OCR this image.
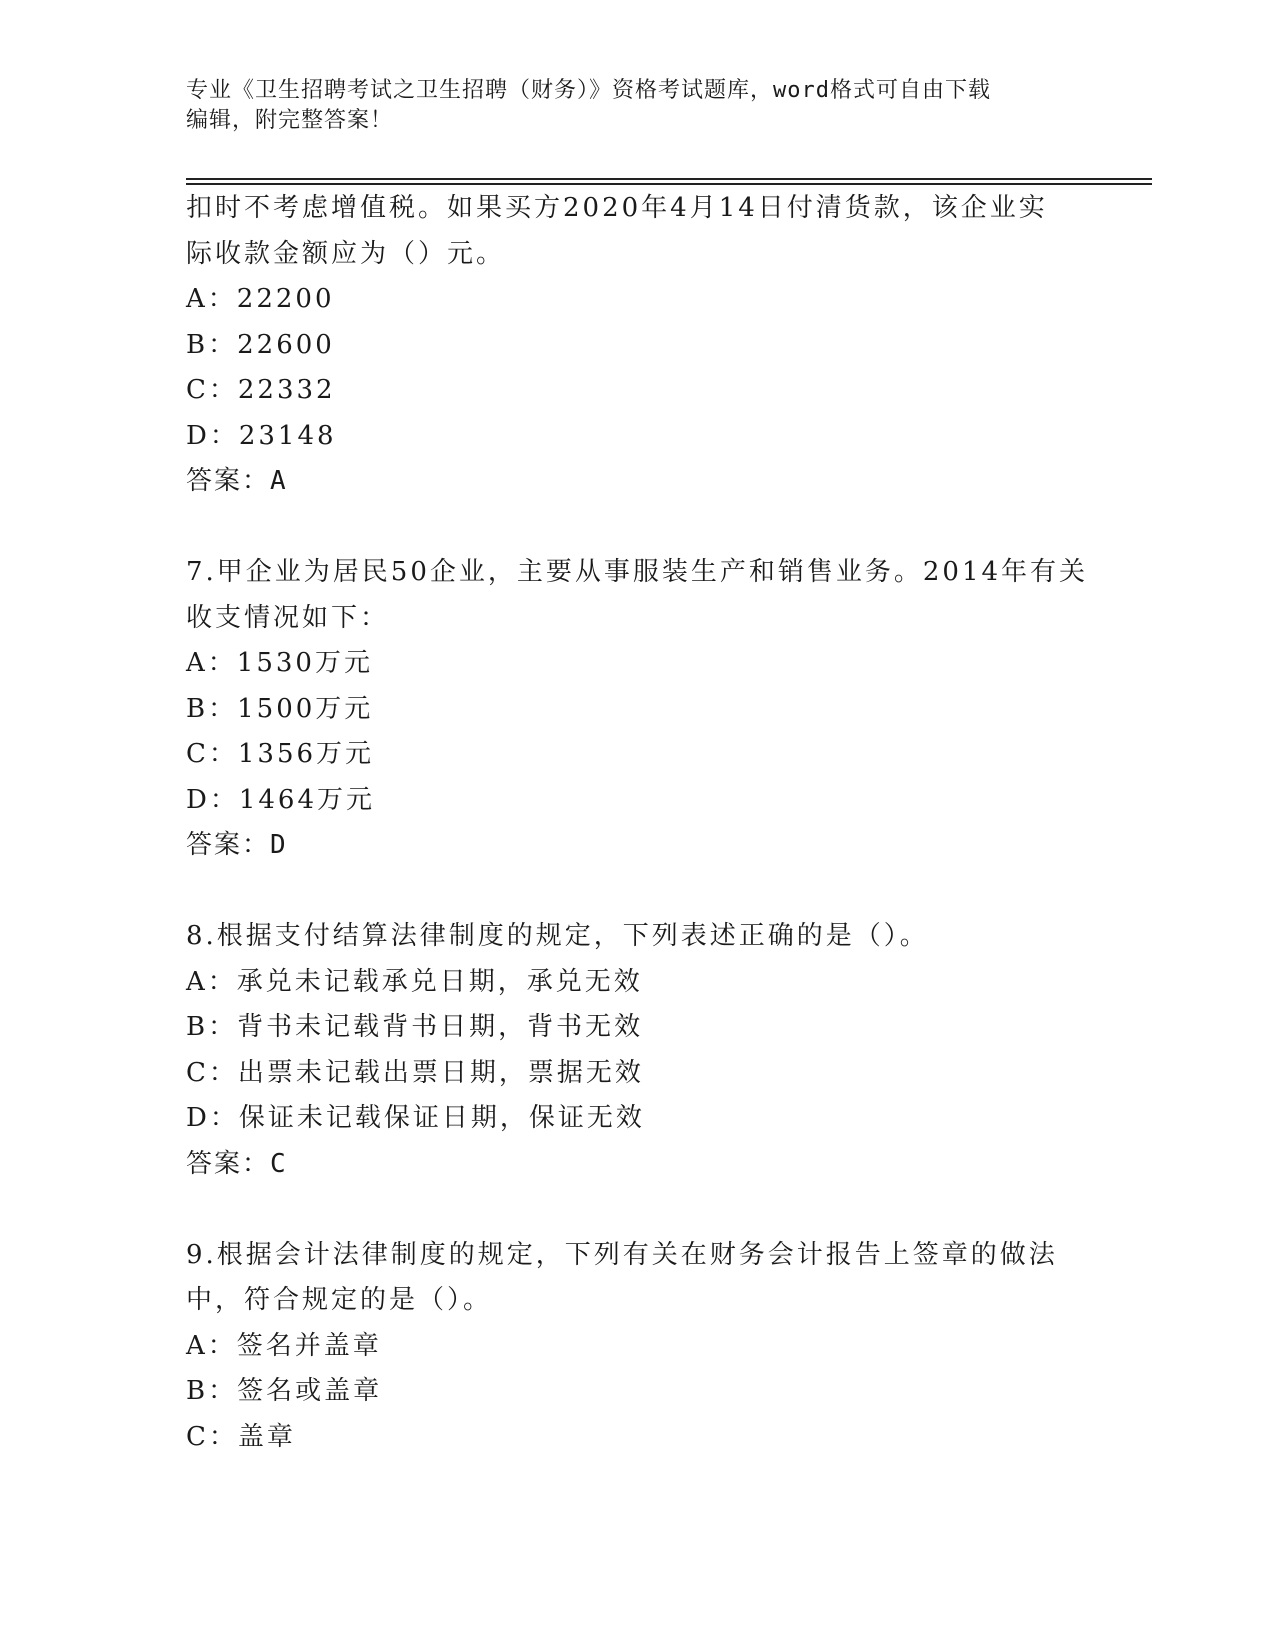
专业《卫生招聘考试之卫生招聘（财务）》资格考试题库，word格式可自由下载
编辑，附完整答案！
扣时不考虑增值税。如果买方2020年4月14日付清货款，该企业实
际收款金额应为（）元。
A：22200
B：22600
C：22332
D：23148
答案：A
7.甲企业为居民50企业，主要从事服装生产和销售业务。2014年有关
收支情况如下：
A：1530万元
B：1500万元
C：1356万元
D：1464万元
答案：D
8.根据支付结算法律制度的规定，下列表述正确的是（）。
A：承兑未记载承兑日期，承兑无效
B：背书未记载背书日期，背书无效
C：出票未记载出票日期，票据无效
D：保证未记载保证日期，保证无效
答案：C
9.根据会计法律制度的规定，下列有关在财务会计报告上签章的做法
中，符合规定的是（）。
A：签名并盖章
B：签名或盖章
C：盖章
